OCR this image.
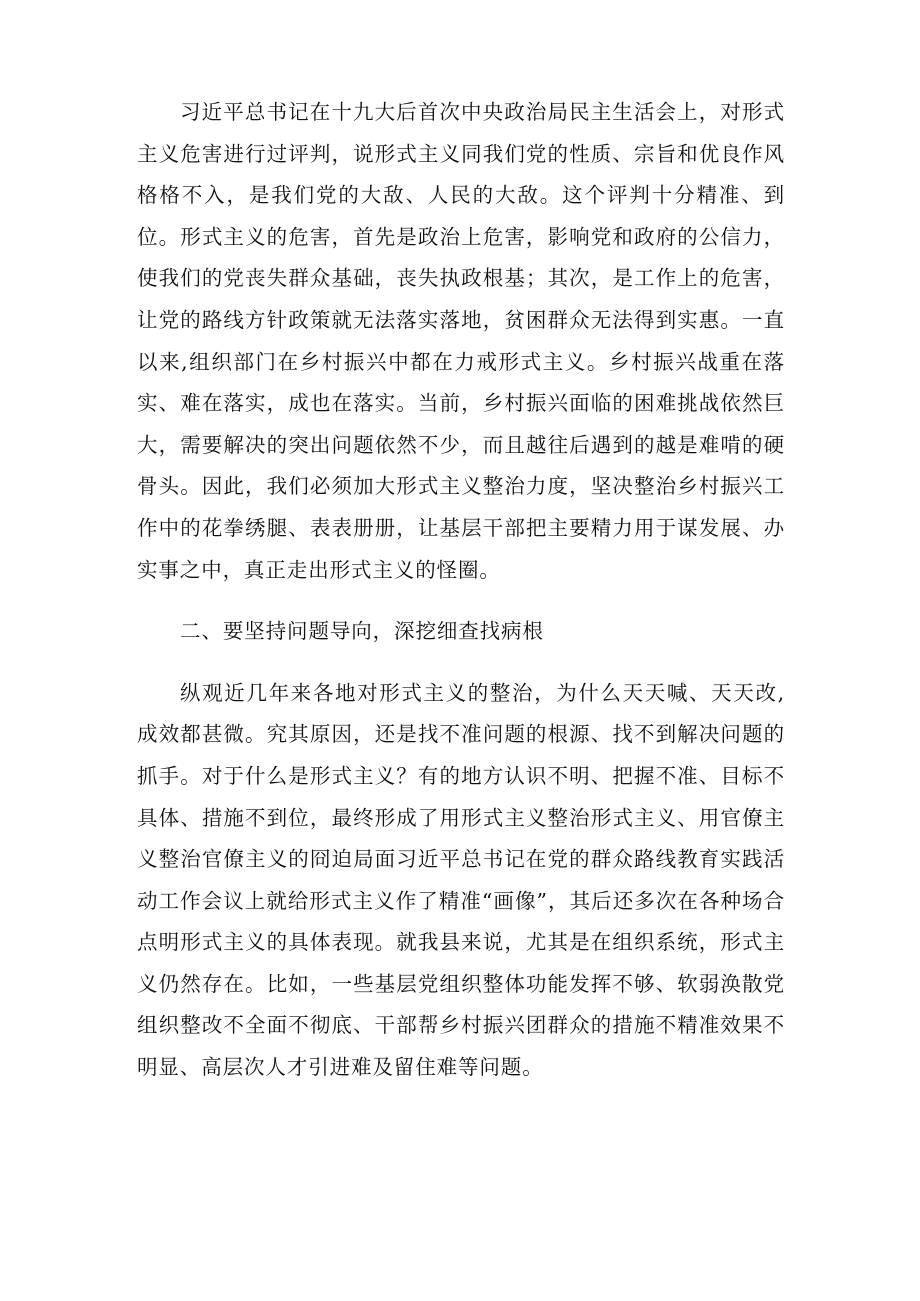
习近平总书记在十九大后首次中央政治局民主生活会上，对形式主义危害进行过评判，说形式主义同我们党的性质、宗旨和优良作风格格不入，是我们党的大敌、人民的大敌。这个评判十分精准、到位。形式主义的危害，首先是政治上危害，影响党和政府的公信力，使我们的党丧失群众基础，丧失执政根基；其次，是工作上的危害，让党的路线方针政策就无法落实落地，贫困群众无法得到实惠。一直以来,组织部门在乡村振兴中都在力戒形式主义。乡村振兴战重在落实、难在落实，成也在落实。当前，乡村振兴面临的困难挑战依然巨大，需要解决的突出问题依然不少，而且越往后遇到的越是难啃的硬骨头。因此，我们必须加大形式主义整治力度，坚决整治乡村振兴工作中的花拳绣腿、表表册册，让基层干部把主要精力用于谋发展、办实事之中，真正走出形式主义的怪圈。

二、要坚持问题导向，深挖细查找病根

纵观近几年来各地对形式主义的整治，为什么天天喊、天天改,成效都甚微。究其原因，还是找不准问题的根源、找不到解决问题的抓手。对于什么是形式主义？有的地方认识不明、把握不准、目标不具体、措施不到位，最终形成了用形式主义整治形式主义、用官僚主义整治官僚主义的冏迫局面习近平总书记在党的群众路线教育实践活动工作会议上就给形式主义作了精准“画像”，其后还多次在各种场合点明形式主义的具体表现。就我县来说，尤其是在组织系统，形式主义仍然存在。比如，一些基层党组织整体功能发挥不够、软弱涣散党组织整改不全面不彻底、干部帮乡村振兴团群众的措施不精准效果不明显、高层次人才引进难及留住难等问题。
